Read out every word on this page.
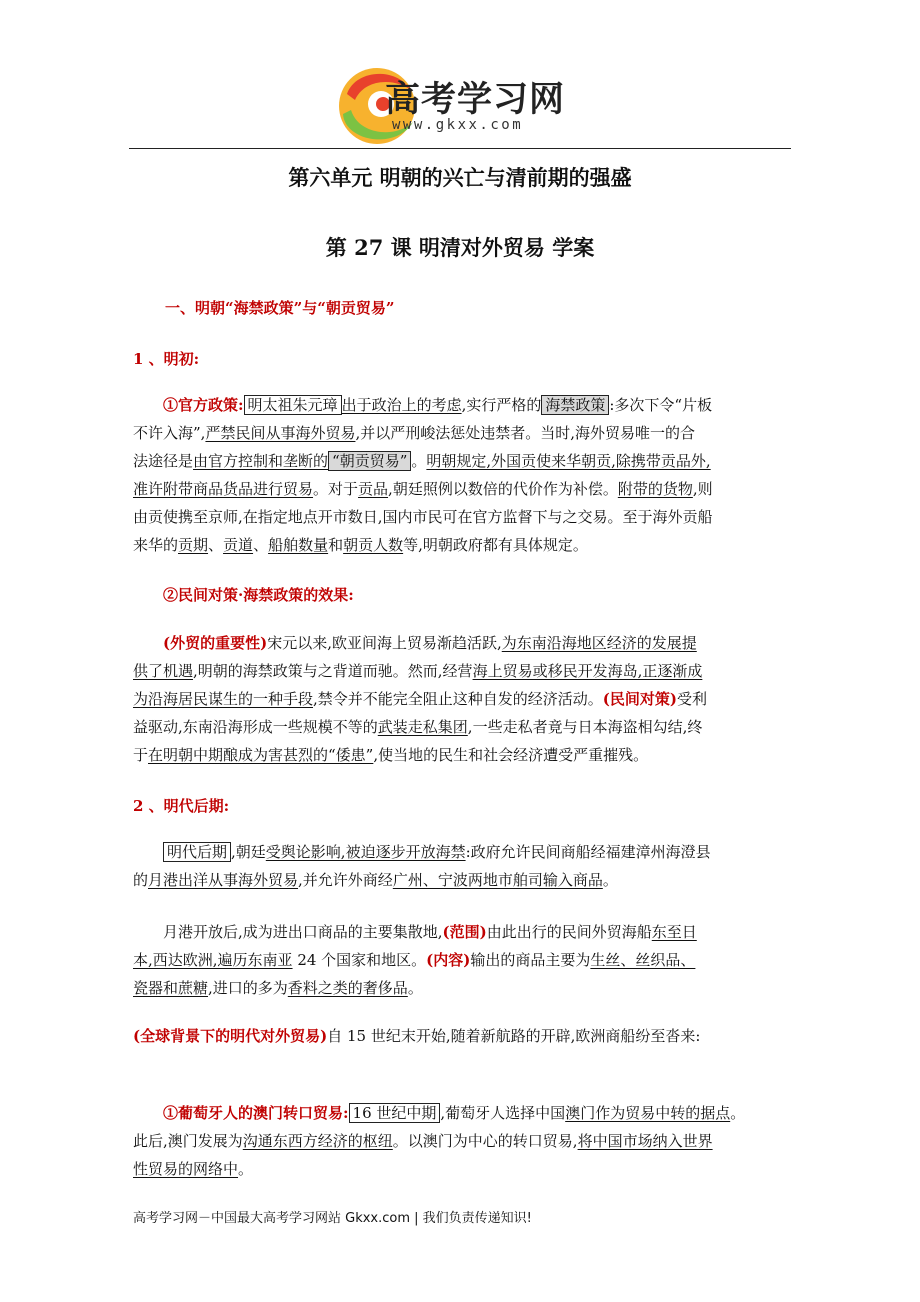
高考学习网
www.gkxx.com
第六单元 明朝的兴亡与清前期的强盛
第 27 课 明清对外贸易 学案
一、明朝“海禁政策”与“朝贡贸易”
1 、明初:
①官方政策: 明太祖朱元璋 出于政治上的考虑,实行严格的 海禁政策 :多次下令“片板
不许入海”,严禁民间从事海外贸易,并以严刑峻法惩处违禁者。当时,海外贸易唯一的合
法途径是由官方控制和垄断的 “朝贡贸易” 。明朝规定,外国贡使来华朝贡,除携带贡品外,
准许附带商品货品进行贸易。对于贡品,朝廷照例以数倍的代价作为补偿。附带的货物,则
由贡使携至京师,在指定地点开市数日,国内市民可在官方监督下与之交易。至于海外贡船
来华的贡期、贡道、船舶数量和朝贡人数等,明朝政府都有具体规定。
②民间对策·海禁政策的效果:
(外贸的重要性)宋元以来,欧亚间海上贸易渐趋活跃,为东南沿海地区经济的发展提
供了机遇,明朝的海禁政策与之背道而驰。然而,经营海上贸易或移民开发海岛,正逐渐成
为沿海居民谋生的一种手段,禁令并不能完全阻止这种自发的经济活动。(民间对策)受利
益驱动,东南沿海形成一些规模不等的武装走私集团,一些走私者竟与日本海盗相勾结,终
于在明朝中期酿成为害甚烈的“倭患”,使当地的民生和社会经济遭受严重摧残。
2 、明代后期:
明代后期 ,朝廷受舆论影响,被迫逐步开放海禁:政府允许民间商船经福建漳州海澄县
的月港出洋从事海外贸易,并允许外商经广州、宁波两地市舶司输入商品。
月港开放后,成为进出口商品的主要集散地,(范围)由此出行的民间外贸海船东至日
本,西达欧洲,遍历东南亚 24 个国家和地区。(内容)输出的商品主要为生丝、丝织品、
瓷器和蔗糖,进口的多为香料之类的奢侈品。
(全球背景下的明代对外贸易)自 15 世纪末开始,随着新航路的开辟,欧洲商船纷至沓来:
①葡萄牙人的澳门转口贸易: 16 世纪中期 ,葡萄牙人选择中国澳门作为贸易中转的据点。
此后,澳门发展为沟通东西方经济的枢纽。以澳门为中心的转口贸易,将中国市场纳入世界
性贸易的网络中。
高考学习网－中国最大高考学习网站 Gkxx.com | 我们负责传递知识!
